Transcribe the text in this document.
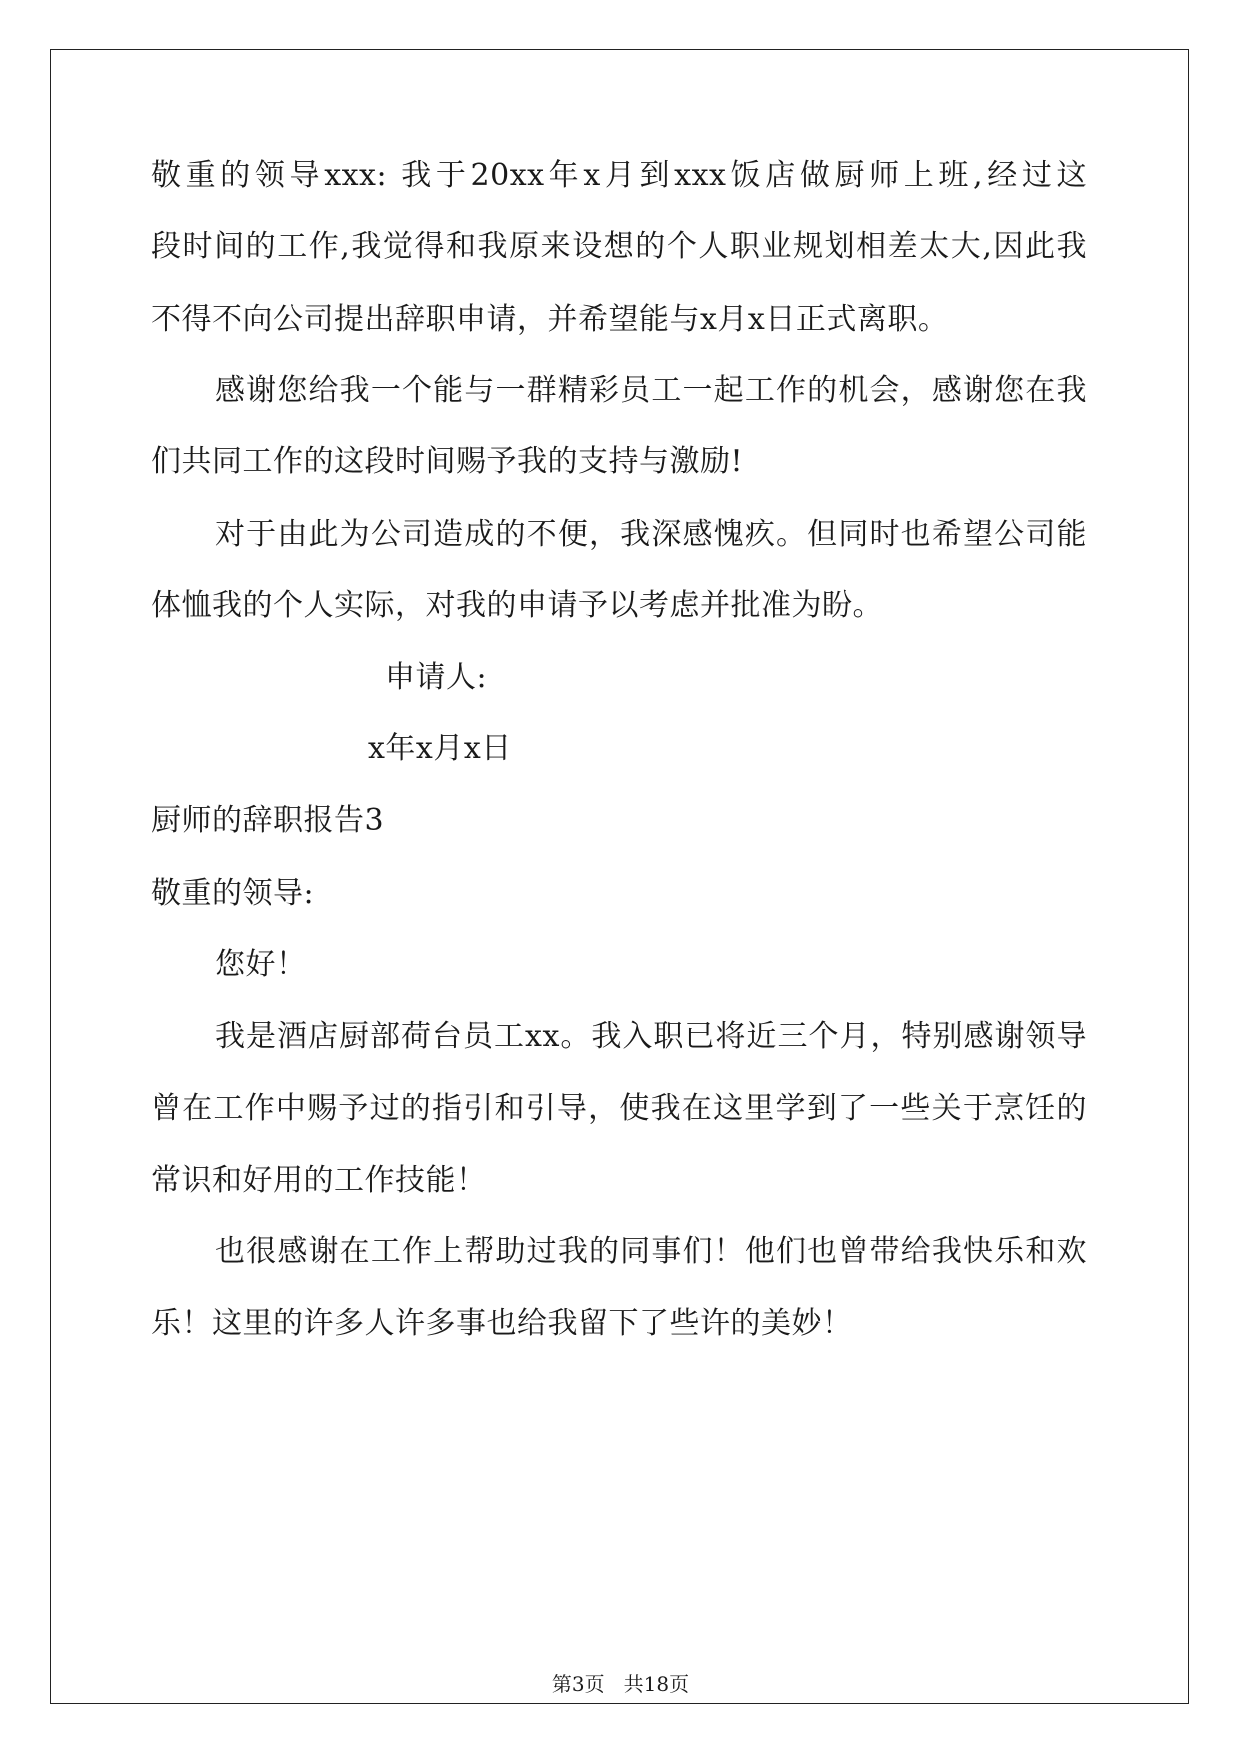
敬重的领导xxx: 我于20xx年x月到xxx饭店做厨师上班,经过这
段时间的工作,我觉得和我原来设想的个人职业规划相差太大,因此我
不得不向公司提出辞职申请，并希望能与x月x日正式离职。
感谢您给我一个能与一群精彩员工一起工作的机会，感谢您在我
们共同工作的这段时间赐予我的支持与激励!
对于由此为公司造成的不便，我深感愧疚。但同时也希望公司能
体恤我的个人实际，对我的申请予以考虑并批准为盼。
申请人:
x年x月x日
厨师的辞职报告3
敬重的领导:
您好！
我是酒店厨部荷台员工xx。我入职已将近三个月，特别感谢领导
曾在工作中赐予过的指引和引导，使我在这里学到了一些关于烹饪的
常识和好用的工作技能！
也很感谢在工作上帮助过我的同事们！他们也曾带给我快乐和欢
乐！这里的许多人许多事也给我留下了些许的美妙！
第3页   共18页
